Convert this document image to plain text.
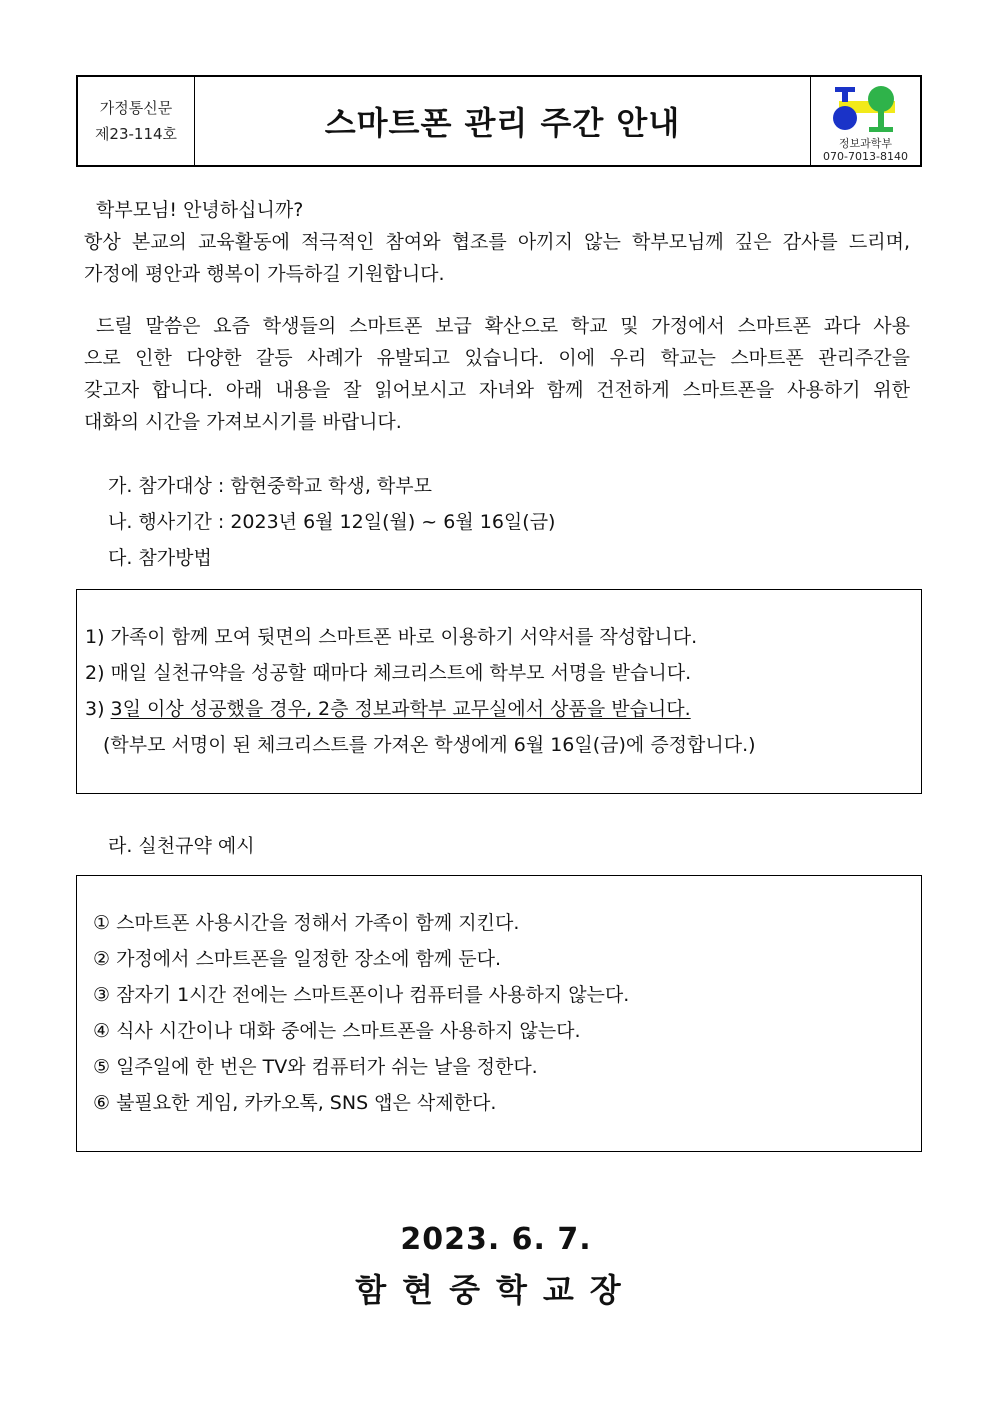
가정통신문
제23-114호	스마트폰 관리 주간 안내
정보과학부
070-7013-8140
학부모님! 안녕하십니까?
항상 본교의 교육활동에 적극적인 참여와 협조를 아끼지 않는 학부모님께 깊은 감사를 드리며,
가정에 평안과 행복이 가득하길 기원합니다.
드릴 말씀은 요즘 학생들의 스마트폰 보급 확산으로 학교 및 가정에서 스마트폰 과다 사용
으로 인한 다양한 갈등 사례가 유발되고 있습니다. 이에 우리 학교는 스마트폰 관리주간을
갖고자 합니다. 아래 내용을 잘 읽어보시고 자녀와 함께 건전하게 스마트폰을 사용하기 위한
대화의 시간을 가져보시기를 바랍니다.
가. 참가대상 : 함현중학교 학생, 학부모
나. 행사기간 : 2023년 6월 12일(월) ~ 6월 16일(금)
다. 참가방법
1) 가족이 함께 모여 뒷면의 스마트폰 바로 이용하기 서약서를 작성합니다.
2) 매일 실천규약을 성공할 때마다 체크리스트에 학부모 서명을 받습니다.
3) 3일 이상 성공했을 경우, 2층 정보과학부 교무실에서 상품을 받습니다.
(학부모 서명이 된 체크리스트를 가져온 학생에게 6월 16일(금)에 증정합니다.)
라. 실천규약 예시
① 스마트폰 사용시간을 정해서 가족이 함께 지킨다.
② 가정에서 스마트폰을 일정한 장소에 함께 둔다.
③ 잠자기 1시간 전에는 스마트폰이나 컴퓨터를 사용하지 않는다.
④ 식사 시간이나 대화 중에는 스마트폰을 사용하지 않는다.
⑤ 일주일에 한 번은 TV와 컴퓨터가 쉬는 날을 정한다.
⑥ 불필요한 게임, 카카오톡, SNS 앱은 삭제한다.
2023. 6. 7.
함현중학교장
